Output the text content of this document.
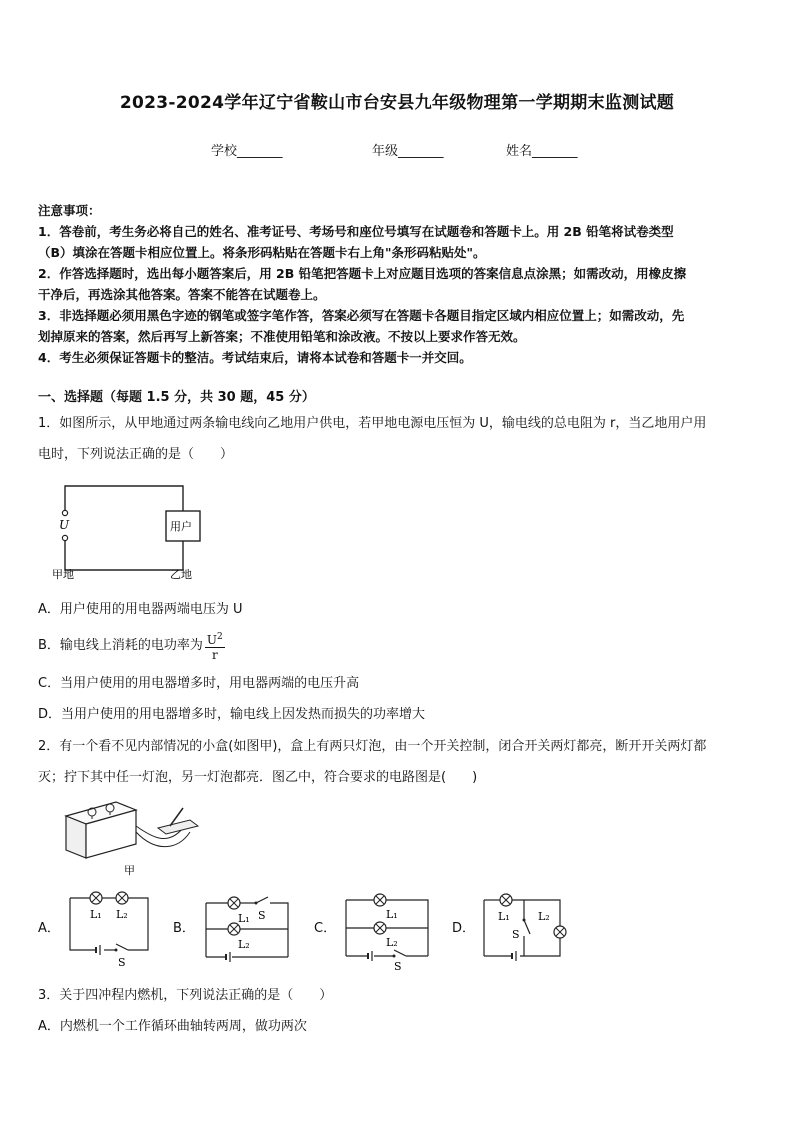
2023-2024学年辽宁省鞍山市台安县九年级物理第一学期期末监测试题
学校_______	年级_______	姓名_______
注意事项：
1．答卷前，考生务必将自己的姓名、准考证号、考场号和座位号填写在试题卷和答题卡上。用 2B 铅笔将试卷类型
（B）填涂在答题卡相应位置上。将条形码粘贴在答题卡右上角"条形码粘贴处"。
2．作答选择题时，选出每小题答案后，用 2B 铅笔把答题卡上对应题目选项的答案信息点涂黑；如需改动，用橡皮擦
干净后，再选涂其他答案。答案不能答在试题卷上。
3．非选择题必须用黑色字迹的钢笔或签字笔作答，答案必须写在答题卡各题目指定区域内相应位置上；如需改动，先
划掉原来的答案，然后再写上新答案；不准使用铅笔和涂改液。不按以上要求作答无效。
4．考生必须保证答题卡的整洁。考试结束后，请将本试卷和答题卡一并交回。
一、选择题（每题 1.5 分，共 30 题，45 分）
1．如图所示，从甲地通过两条输电线向乙地用户供电，若甲地电源电压恒为 U，输电线的总电阻为 r，当乙地用户用
电时，下列说法正确的是（　　）
U	用户
甲地	乙地
A．用户使用的用电器两端电压为 U
B．输电线上消耗的电功率为 $\frac{U^2}{r}$
C．当用户使用的用电器增多时，用电器两端的电压升高
D．当用户使用的用电器增多时，输电线上因发热而损失的功率增大
2．有一个看不见内部情况的小盒(如图甲)，盒上有两只灯泡，由一个开关控制，闭合开关两灯都亮，断开开关两灯都
灭；拧下其中任一灯泡，另一灯泡都亮．图乙中，符合要求的电路图是(　　)
甲
A．
L₁ L₂
S
B．
L₁ S
L₂
C．
L₁
L₂
S
D．
L₁	L₂
S
3．关于四冲程内燃机，下列说法正确的是（　　）
A．内燃机一个工作循环曲轴转两周，做功两次
